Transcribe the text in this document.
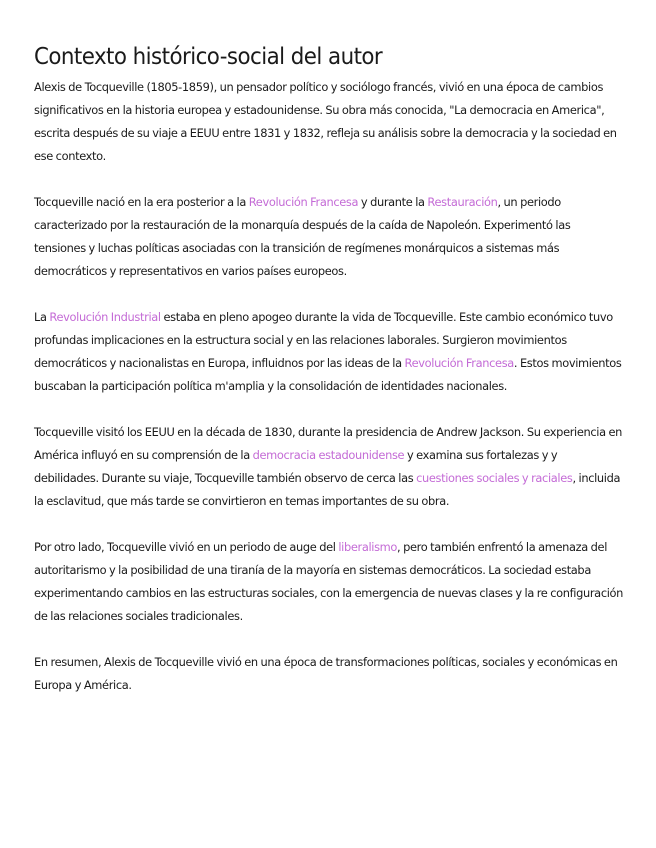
Contexto histórico-social del autor

Alexis de Tocqueville (1805-1859), un pensador político y sociólogo francés, vivió en una época de cambios significativos en la historia europea y estadounidense. Su obra más conocida, "La democracia en America", escrita después de su viaje a EEUU entre 1831 y 1832, refleja su análisis sobre la democracia y la sociedad en ese contexto.

Tocqueville nació en la era posterior a la Revolución Francesa y durante la Restauración, un periodo caracterizado por la restauración de la monarquía después de la caída de Napoleón. Experimentó las tensiones y luchas políticas asociadas con la transición de regímenes monárquicos a sistemas más democráticos y representativos en varios países europeos.

La Revolución Industrial estaba en pleno apogeo durante la vida de Tocqueville. Este cambio económico tuvo profundas implicaciones en la estructura social y en las relaciones laborales. Surgieron movimientos democráticos y nacionalistas en Europa, influidnos por las ideas de la Revolución Francesa. Estos movimientos buscaban la participación política m'amplia y la consolidación de identidades nacionales.

Tocqueville visitó los EEUU en la década de 1830, durante la presidencia de Andrew Jackson. Su experiencia en América influyó en su comprensión de la democracia estadounidense y examina sus fortalezas y y debilidades. Durante su viaje, Tocqueville también observo de cerca las cuestiones sociales y raciales, incluida la esclavitud, que más tarde se convirtieron en temas importantes de su obra.

Por otro lado, Tocqueville vivió en un periodo de auge del liberalismo, pero también enfrentó la amenaza del autoritarismo y la posibilidad de una tiranía de la mayoría en sistemas democráticos. La sociedad estaba experimentando cambios en las estructuras sociales, con la emergencia de nuevas clases y la re configuración de las relaciones sociales tradicionales.

En resumen, Alexis de Tocqueville vivió en una época de transformaciones políticas, sociales y económicas en Europa y América.
